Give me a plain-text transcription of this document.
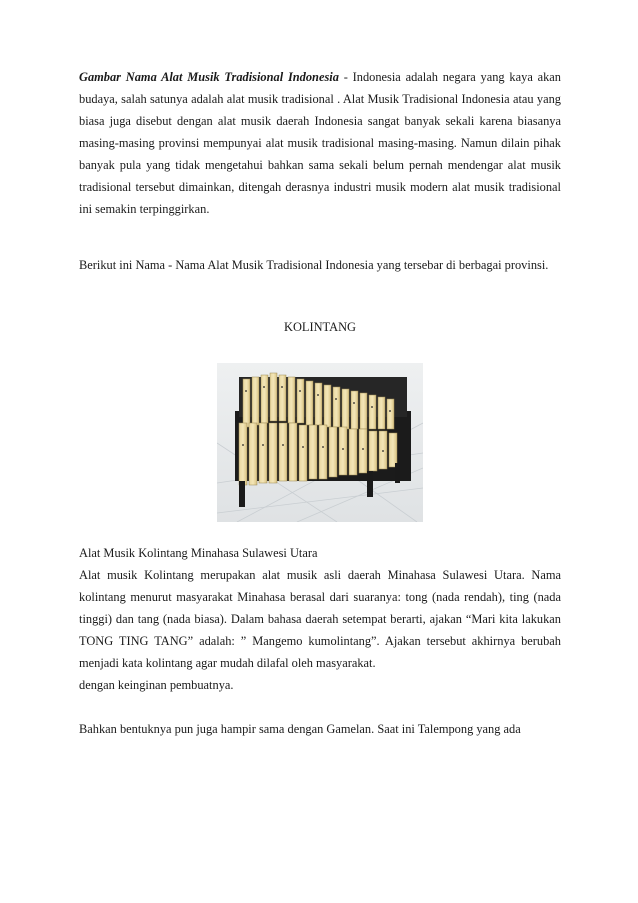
Gambar Nama Alat Musik Tradisional Indonesia - Indonesia adalah negara yang kaya akan budaya, salah satunya adalah alat musik tradisional . Alat Musik Tradisional Indonesia atau yang biasa juga disebut dengan alat musik daerah Indonesia sangat banyak sekali karena biasanya masing-masing provinsi mempunyai alat musik tradisional masing-masing. Namun dilain pihak banyak pula yang tidak mengetahui bahkan sama sekali belum pernah mendengar alat musik tradisional tersebut dimainkan, ditengah derasnya industri musik modern alat musik tradisional ini semakin terpinggirkan.

Berikut ini Nama - Nama Alat Musik Tradisional Indonesia yang tersebar di berbagai provinsi.

KOLINTANG

Alat Musik Kolintang Minahasa Sulawesi Utara
Alat musik Kolintang merupakan alat musik asli daerah Minahasa Sulawesi Utara. Nama kolintang menurut masyarakat Minahasa berasal dari suaranya: tong (nada rendah), ting (nada tinggi) dan tang (nada biasa). Dalam bahasa daerah setempat berarti, ajakan “Mari kita lakukan TONG TING TANG” adalah: ” Mangemo kumolintang”. Ajakan tersebut akhirnya berubah menjadi kata kolintang agar mudah dilafal oleh masyarakat.
dengan keinginan pembuatnya.

Bahkan bentuknya pun juga hampir sama dengan Gamelan. Saat ini Talempong yang ada
